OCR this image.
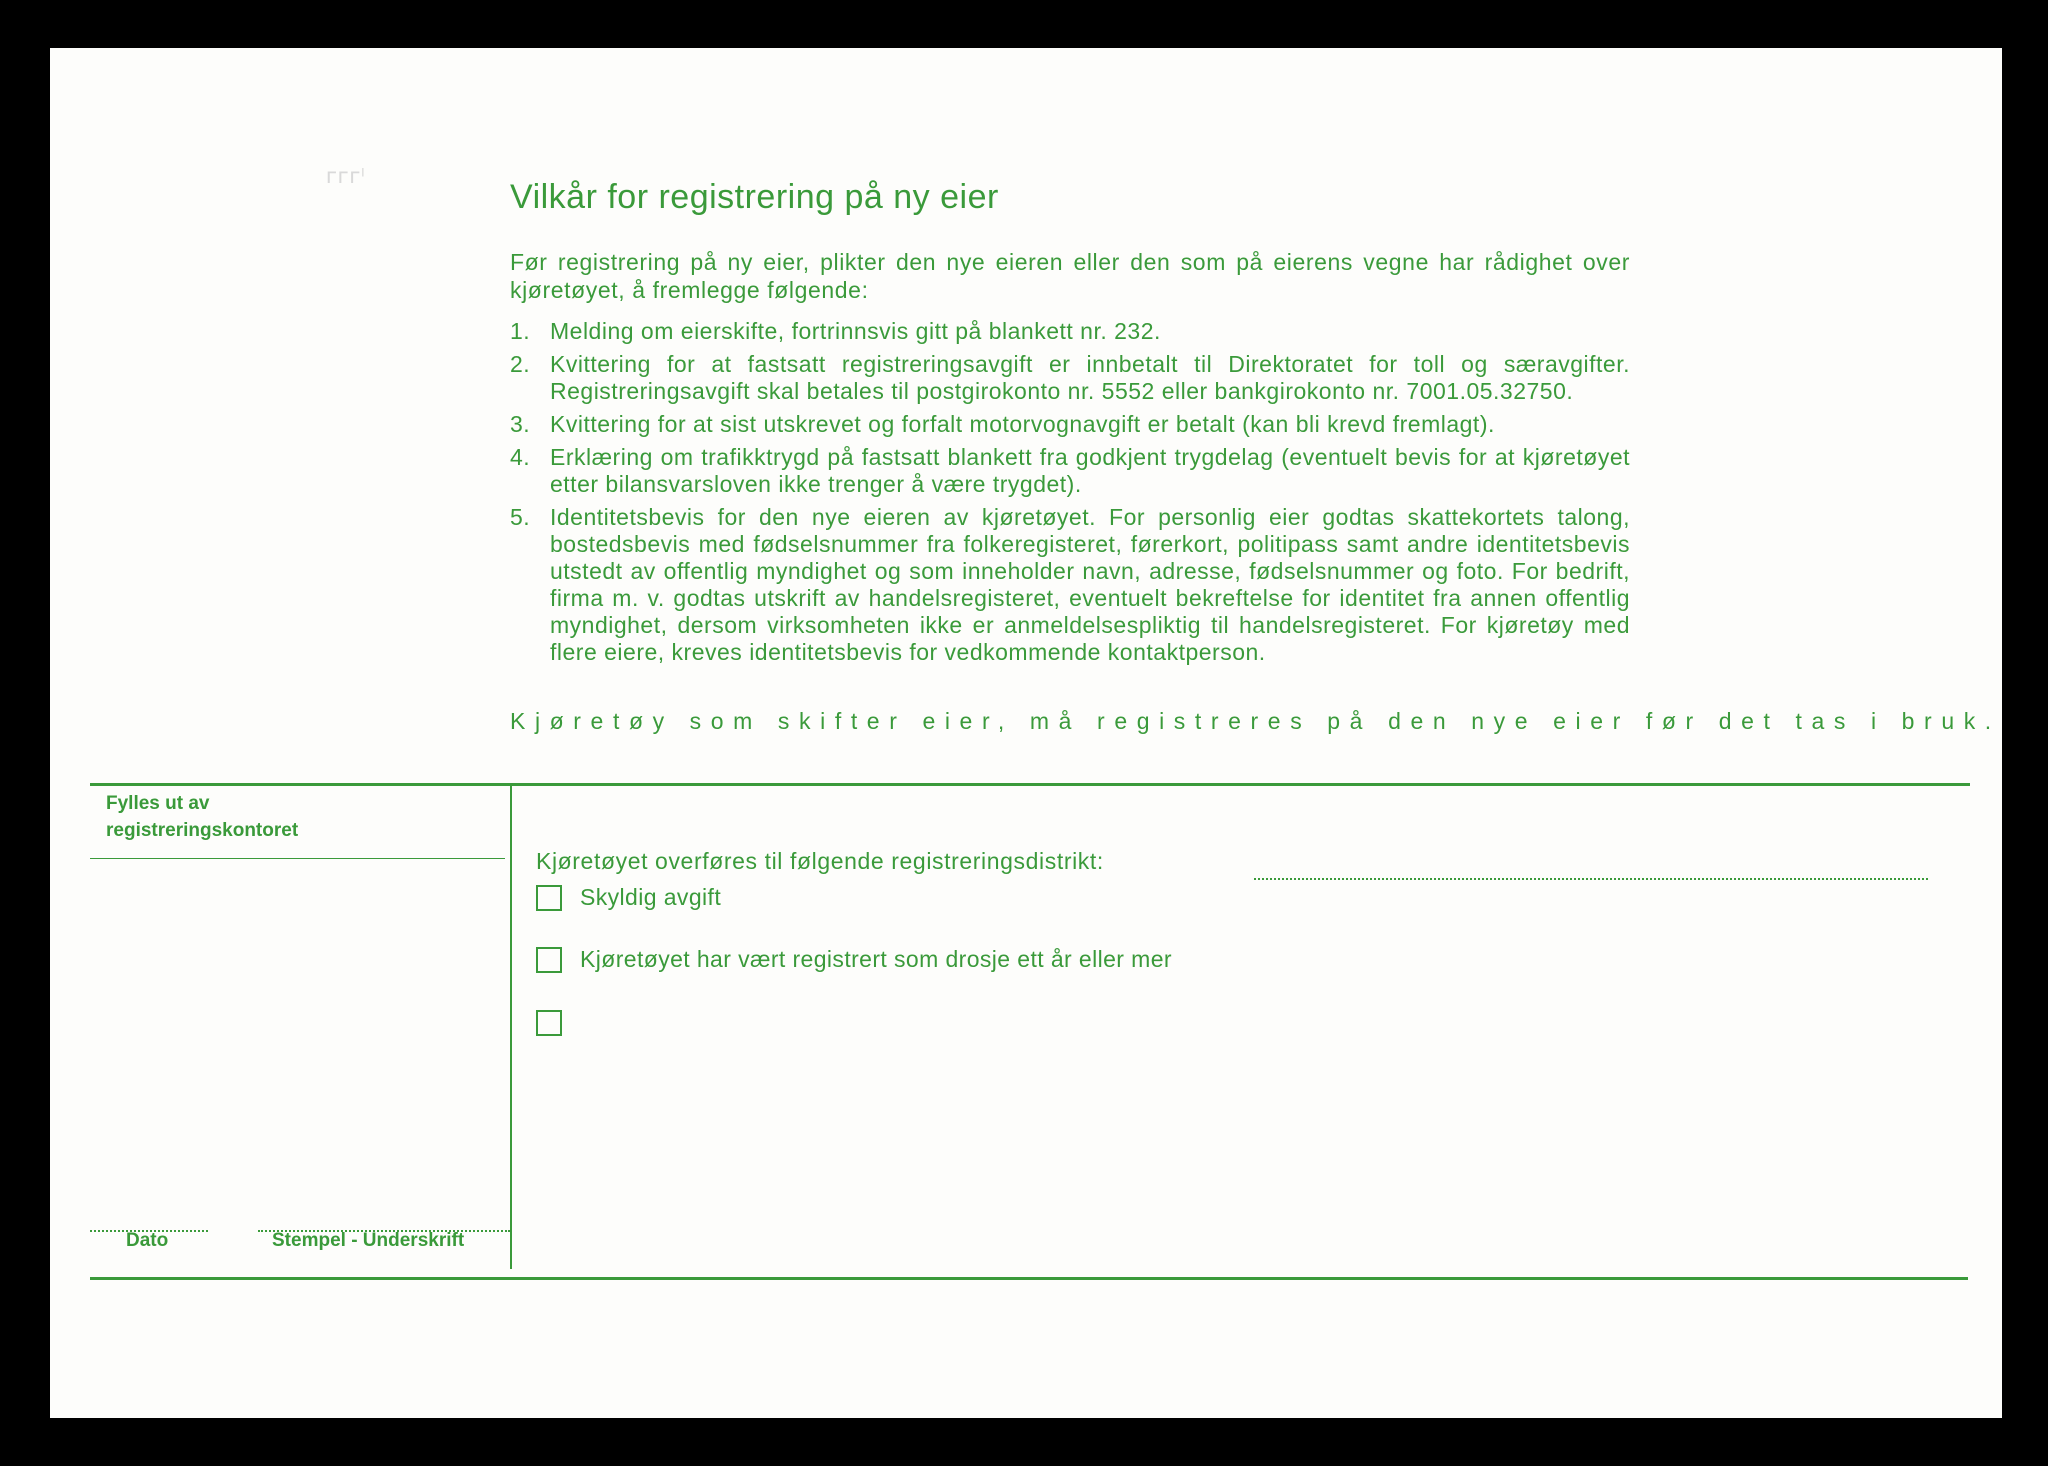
ᴦᴦᴦᴵ
Vilkår for registrering på ny eier

Før registrering på ny eier, plikter den nye eieren eller den som på eierens vegne har rådighet over kjøretøyet, å fremlegge følgende:

1. Melding om eierskifte, fortrinnsvis gitt på blankett nr. 232.
2. Kvittering for at fastsatt registreringsavgift er innbetalt til Direktoratet for toll og særavgifter. Registreringsavgift skal betales til postgirokonto nr. 5552 eller bankgirokonto nr. 7001.05.32750.
3. Kvittering for at sist utskrevet og forfalt motorvognavgift er betalt (kan bli krevd fremlagt).
4. Erklæring om trafikktrygd på fastsatt blankett fra godkjent trygdelag (eventuelt bevis for at kjøretøyet etter bilansvarsloven ikke trenger å være trygdet).
5. Identitetsbevis for den nye eieren av kjøretøyet. For personlig eier godtas skattekortets talong, bostedsbevis med fødselsnummer fra folkeregisteret, førerkort, politipass samt andre identitetsbevis utstedt av offentlig myndighet og som inneholder navn, adresse, fødselsnummer og foto. For bedrift, firma m. v. godtas utskrift av handelsregisteret, eventuelt bekreftelse for identitet fra annen offentlig myndighet, dersom virksomheten ikke er anmeldelsespliktig til handelsregisteret. For kjøretøy med flere eiere, kreves identitetsbevis for vedkommende kontaktperson.
Kjøretøy som skifter eier, må registreres på den nye eier før det tas i bruk.
Fylles ut av
registreringskontoret
Dato	Stempel - Underskrift
Kjøretøyet overføres til følgende registreringsdistrikt:
Skyldig avgift
Kjøretøyet har vært registrert som drosje ett år eller mer
